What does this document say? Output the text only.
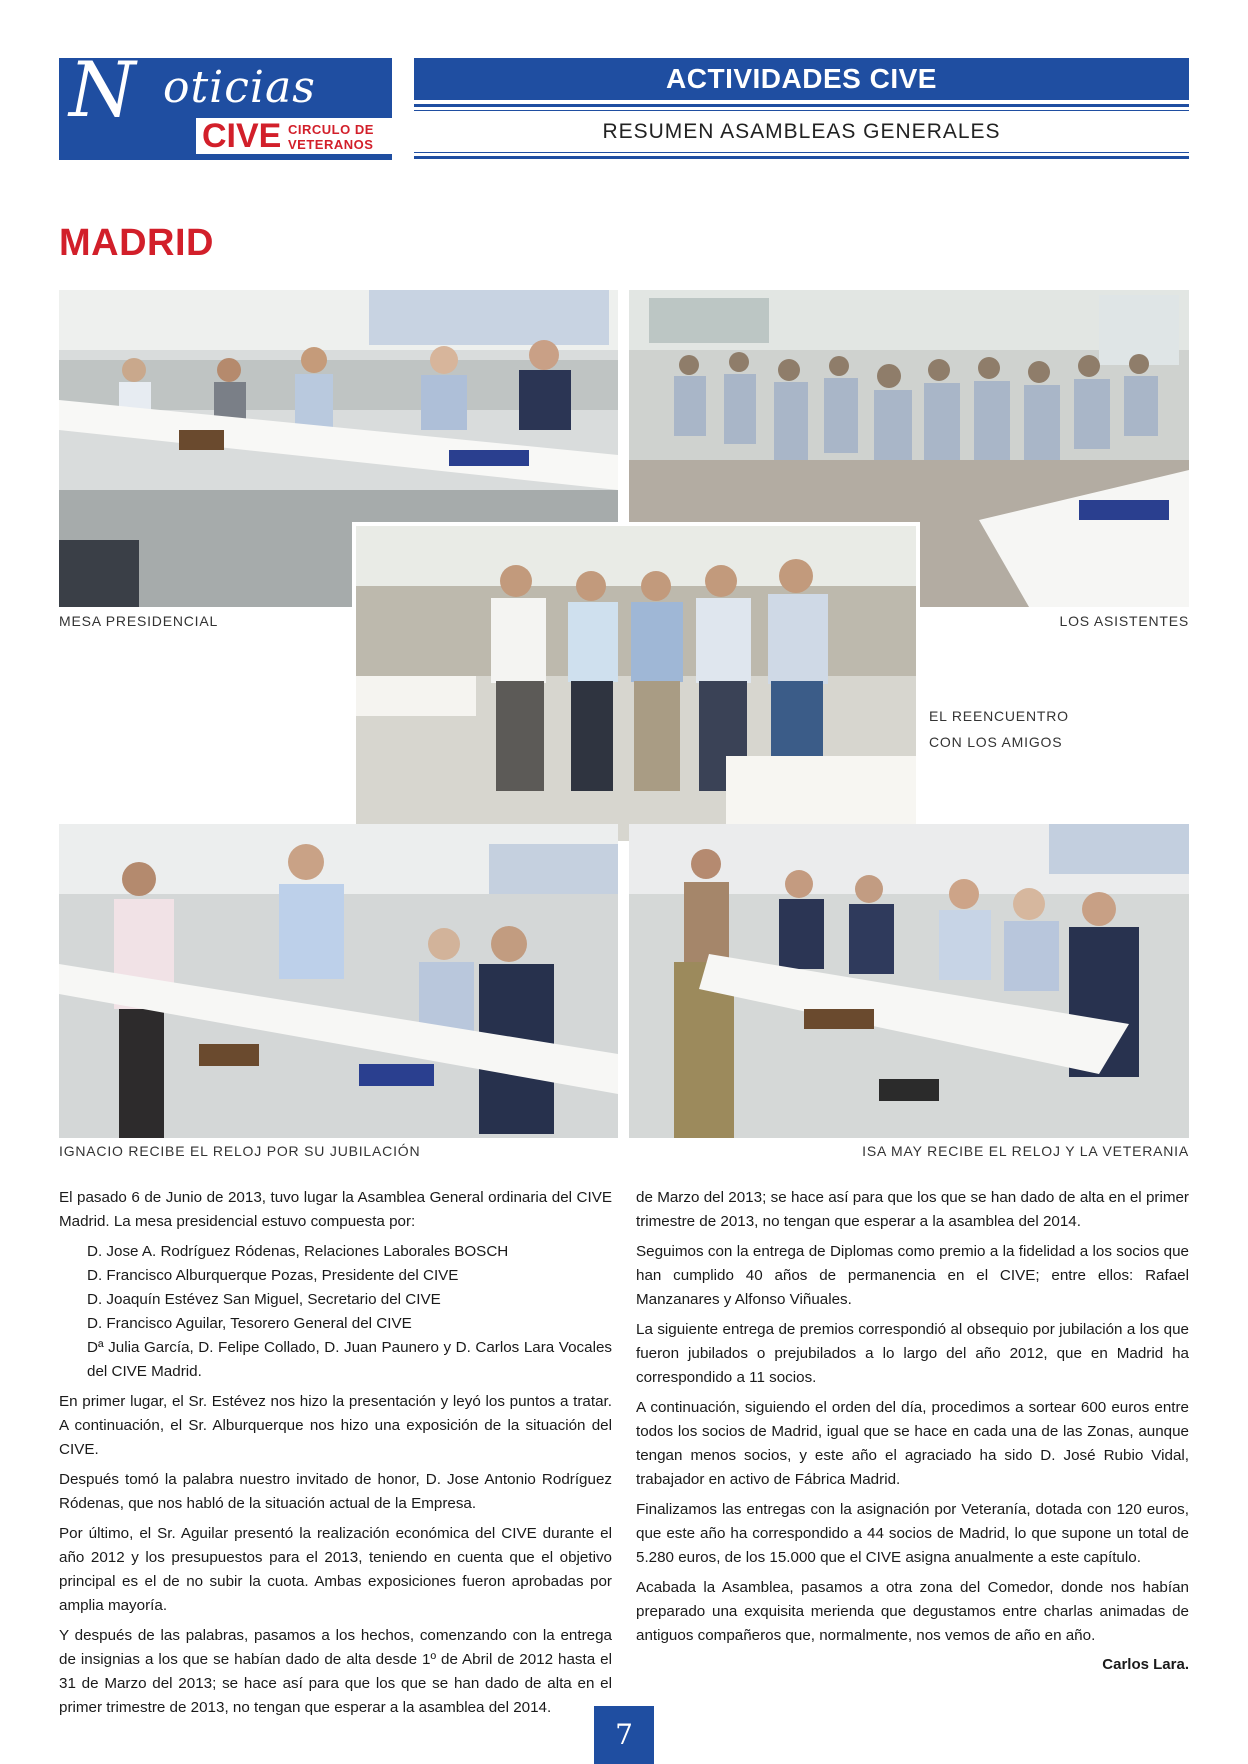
N oticias
CIVE CIRCULO DE
VETERANOS
ACTIVIDADES CIVE
RESUMEN ASAMBLEAS GENERALES
MADRID
MESA PRESIDENCIAL	LOS ASISTENTES
EL REENCUENTRO
CON LOS AMIGOS
IGNACIO RECIBE EL RELOJ POR SU JUBILACIÓN	ISA MAY RECIBE EL RELOJ Y LA VETERANIA

El pasado 6 de Junio de 2013, tuvo lugar la Asamblea General ordinaria del CIVE Madrid. La mesa presidencial estuvo compuesta por:

D. Jose A. Rodríguez Ródenas, Relaciones Laborales BOSCH
D. Francisco Alburquerque Pozas, Presidente del CIVE
D. Joaquín Estévez San Miguel, Secretario del CIVE
D. Francisco Aguilar, Tesorero General del CIVE
Dª Julia García, D. Felipe Collado, D. Juan Paunero y D. Carlos Lara Vocales del CIVE Madrid.

En primer lugar, el Sr. Estévez nos hizo la presentación y leyó los puntos a tratar. A continuación, el Sr. Alburquerque nos hizo una exposición de la situación del CIVE.

Después tomó la palabra nuestro invitado de honor, D. Jose Antonio Rodríguez Ródenas, que nos habló de la situación actual de la Empresa.

Por último, el Sr. Aguilar presentó la realización económica del CIVE durante el año 2012 y los presupuestos para el 2013, teniendo en cuenta que el objetivo principal es el de no subir la cuota. Ambas exposiciones fueron aprobadas por amplia mayoría.

Y después de las palabras, pasamos a los hechos, comenzando con la entrega de insignias a los que se habían dado de alta desde 1º de Abril de 2012 hasta el 31 de Marzo del 2013; se hace así para que los que se han dado de alta en el primer trimestre de 2013, no tengan que esperar a la asamblea del 2014.

de Marzo del 2013; se hace así para que los que se han dado de alta en el primer trimestre de 2013, no tengan que esperar a la asamblea del 2014.

Seguimos con la entrega de Diplomas como premio a la fidelidad a los socios que han cumplido 40 años de permanencia en el CIVE; entre ellos: Rafael Manzanares y Alfonso Viñuales.

La siguiente entrega de premios correspondió al obsequio por jubilación a los que fueron jubilados o prejubilados a lo largo del año 2012, que en Madrid ha correspondido a 11 socios.

A continuación, siguiendo el orden del día, procedimos a sortear 600 euros entre todos los socios de Madrid, igual que se hace en cada una de las Zonas, aunque tengan menos socios, y este año el agraciado ha sido D. José Rubio Vidal, trabajador en activo de Fábrica Madrid.

Finalizamos las entregas con la asignación por Veteranía, dotada con 120 euros, que este año ha correspondido a 44 socios de Madrid, lo que supone un total de 5.280 euros, de los 15.000 que el CIVE asigna anualmente a este capítulo.

Acabada la Asamblea, pasamos a otra zona del Comedor, donde nos habían preparado una exquisita merienda que degustamos entre charlas animadas de antiguos compañeros que, normalmente, nos vemos de año en año.

Carlos Lara.
7
